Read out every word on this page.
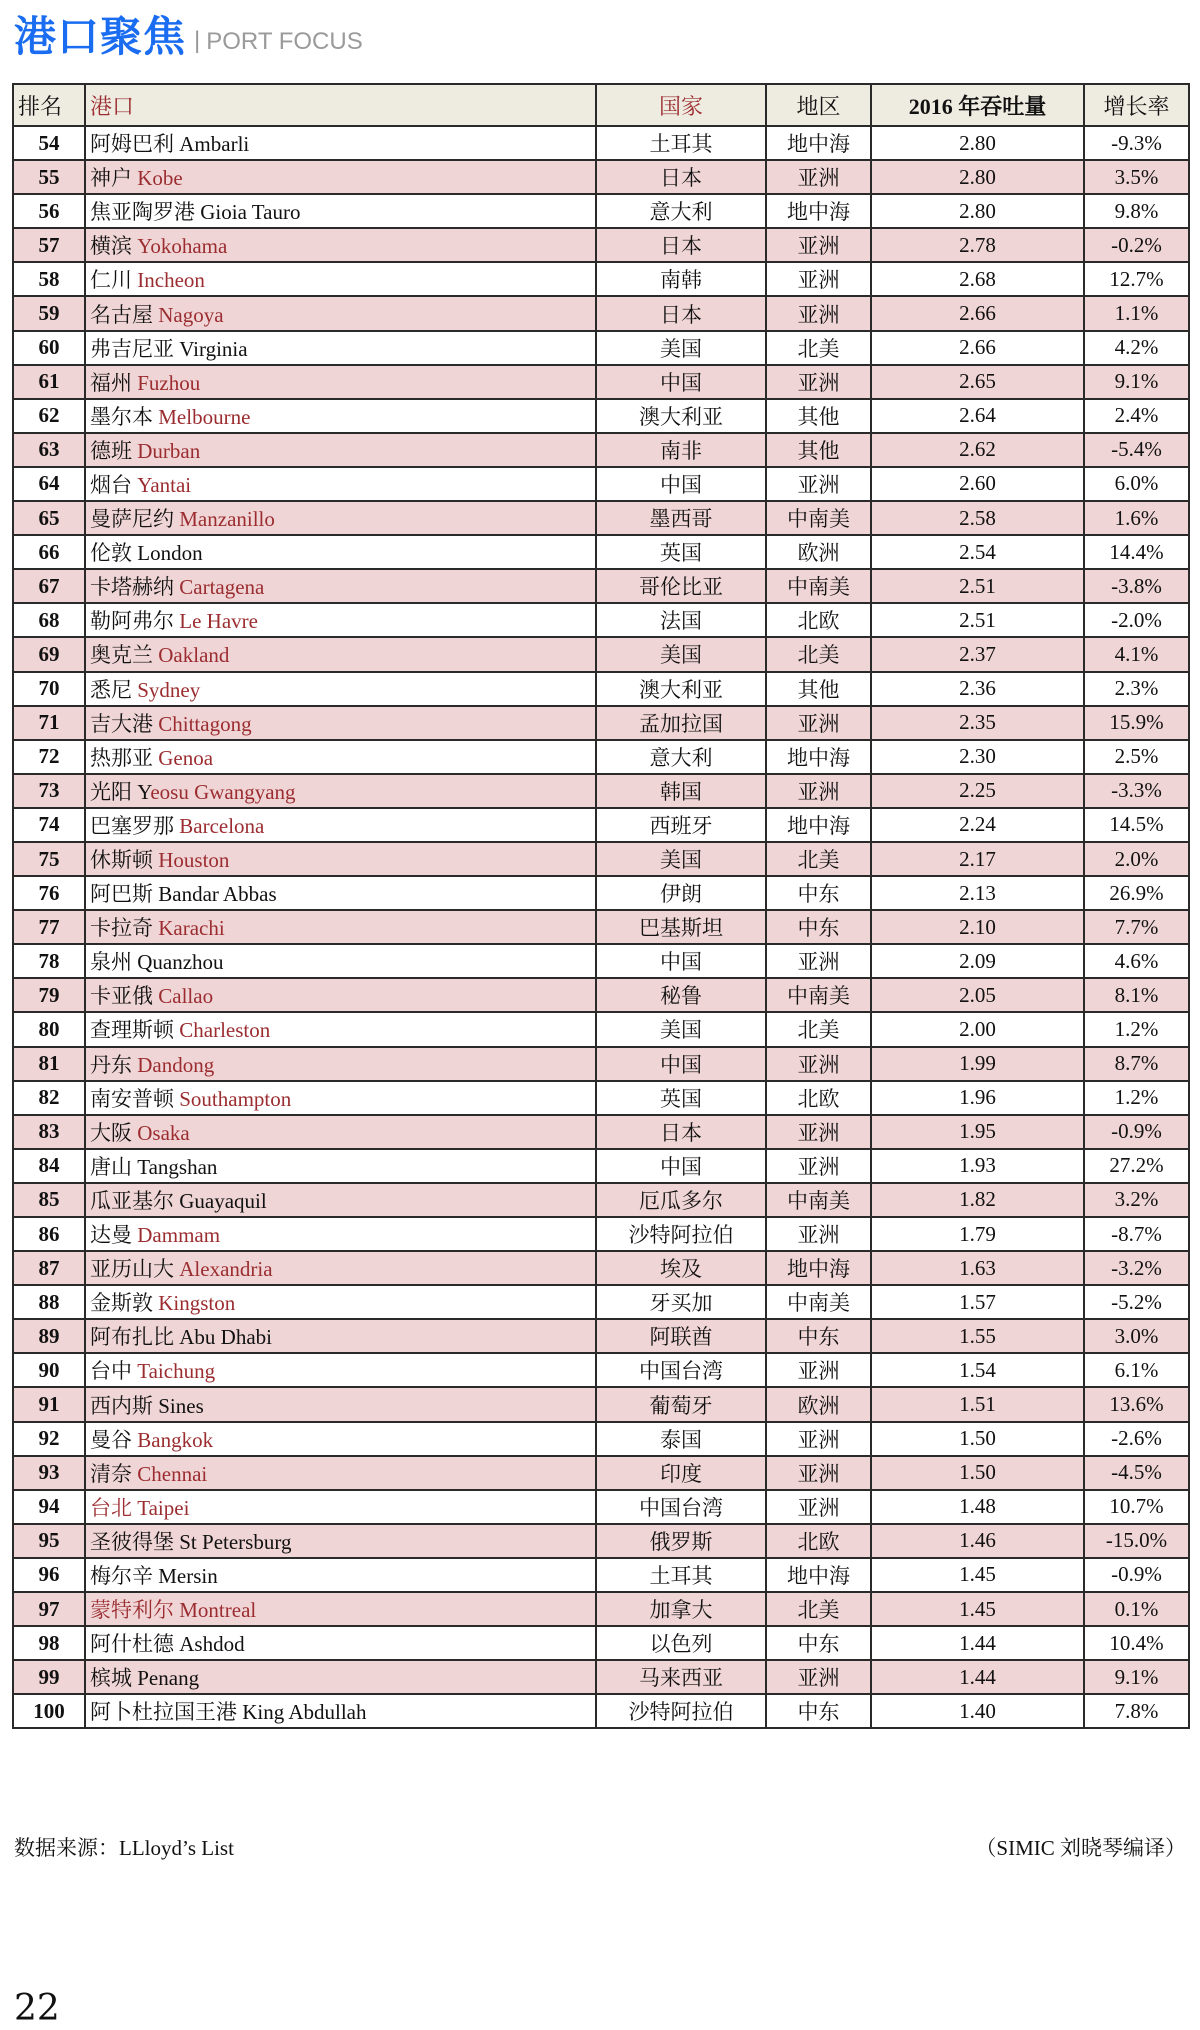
港口聚焦 | PORT FOCUS
排名	港口	国家	地区	2016 年吞吐量	增长率
54	阿姆巴利 Ambarli	土耳其	地中海	2.80	-9.3%
55	神户 Kobe	日本	亚洲	2.80	3.5%
56	焦亚陶罗港 Gioia Tauro	意大利	地中海	2.80	9.8%
57	横滨 Yokohama	日本	亚洲	2.78	-0.2%
58	仁川 Incheon	南韩	亚洲	2.68	12.7%
59	名古屋 Nagoya	日本	亚洲	2.66	1.1%
60	弗吉尼亚 Virginia	美国	北美	2.66	4.2%
61	福州 Fuzhou	中国	亚洲	2.65	9.1%
62	墨尔本 Melbourne	澳大利亚	其他	2.64	2.4%
63	德班 Durban	南非	其他	2.62	-5.4%
64	烟台 Yantai	中国	亚洲	2.60	6.0%
65	曼萨尼约 Manzanillo	墨西哥	中南美	2.58	1.6%
66	伦敦 London	英国	欧洲	2.54	14.4%
67	卡塔赫纳 Cartagena	哥伦比亚	中南美	2.51	-3.8%
68	勒阿弗尔 Le Havre	法国	北欧	2.51	-2.0%
69	奥克兰 Oakland	美国	北美	2.37	4.1%
70	悉尼 Sydney	澳大利亚	其他	2.36	2.3%
71	吉大港 Chittagong	孟加拉国	亚洲	2.35	15.9%
72	热那亚 Genoa	意大利	地中海	2.30	2.5%
73	光阳 Yeosu Gwangyang	韩国	亚洲	2.25	-3.3%
74	巴塞罗那 Barcelona	西班牙	地中海	2.24	14.5%
75	休斯顿 Houston	美国	北美	2.17	2.0%
76	阿巴斯 Bandar Abbas	伊朗	中东	2.13	26.9%
77	卡拉奇 Karachi	巴基斯坦	中东	2.10	7.7%
78	泉州 Quanzhou	中国	亚洲	2.09	4.6%
79	卡亚俄 Callao	秘鲁	中南美	2.05	8.1%
80	查理斯顿 Charleston	美国	北美	2.00	1.2%
81	丹东 Dandong	中国	亚洲	1.99	8.7%
82	南安普顿 Southampton	英国	北欧	1.96	1.2%
83	大阪 Osaka	日本	亚洲	1.95	-0.9%
84	唐山 Tangshan	中国	亚洲	1.93	27.2%
85	瓜亚基尔 Guayaquil	厄瓜多尔	中南美	1.82	3.2%
86	达曼 Dammam	沙特阿拉伯	亚洲	1.79	-8.7%
87	亚历山大 Alexandria	埃及	地中海	1.63	-3.2%
88	金斯敦 Kingston	牙买加	中南美	1.57	-5.2%
89	阿布扎比 Abu Dhabi	阿联酋	中东	1.55	3.0%
90	台中 Taichung	中国台湾	亚洲	1.54	6.1%
91	西内斯 Sines	葡萄牙	欧洲	1.51	13.6%
92	曼谷 Bangkok	泰国	亚洲	1.50	-2.6%
93	清奈 Chennai	印度	亚洲	1.50	-4.5%
94	台北 Taipei	中国台湾	亚洲	1.48	10.7%
95	圣彼得堡 St Petersburg	俄罗斯	北欧	1.46	-15.0%
96	梅尔辛 Mersin	土耳其	地中海	1.45	-0.9%
97	蒙特利尔 Montreal	加拿大	北美	1.45	0.1%
98	阿什杜德 Ashdod	以色列	中东	1.44	10.4%
99	槟城 Penang	马来西亚	亚洲	1.44	9.1%
100	阿卜杜拉国王港 King Abdullah	沙特阿拉伯	中东	1.40	7.8%
数据来源：LLloyd’s List	（SIMIC 刘晓琴编译）
22
